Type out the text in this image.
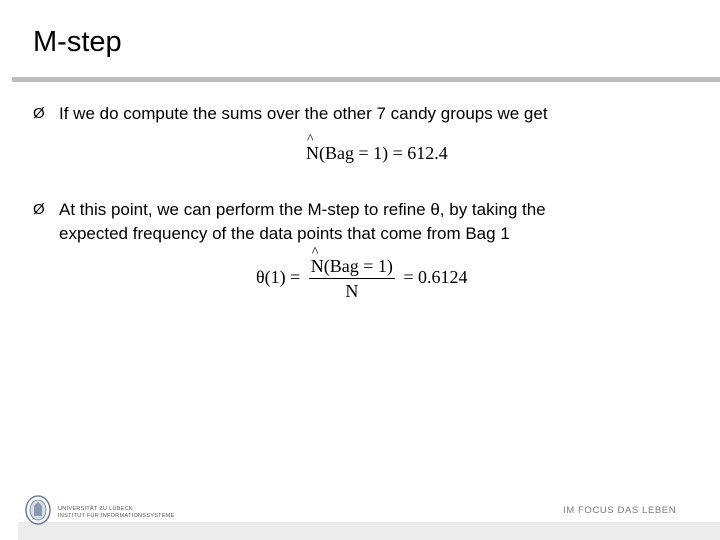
M-step
Ø If we do compute the sums over the other 7 candy groups we get
^ N(Bag = 1) = 612.4
Ø At this point, we can perform the M-step to refine θ, by taking the
expected frequency of the data points that come from Bag 1
θ(1) =
^ $\frac{\text{N(Bag = 1)}}{N} = 0.6124$
UNIVERSITÄT ZU LÜBECK
INSTITUT FÜR INFORMATIONSSYSTEME	IM FOCUS DAS LEBEN
